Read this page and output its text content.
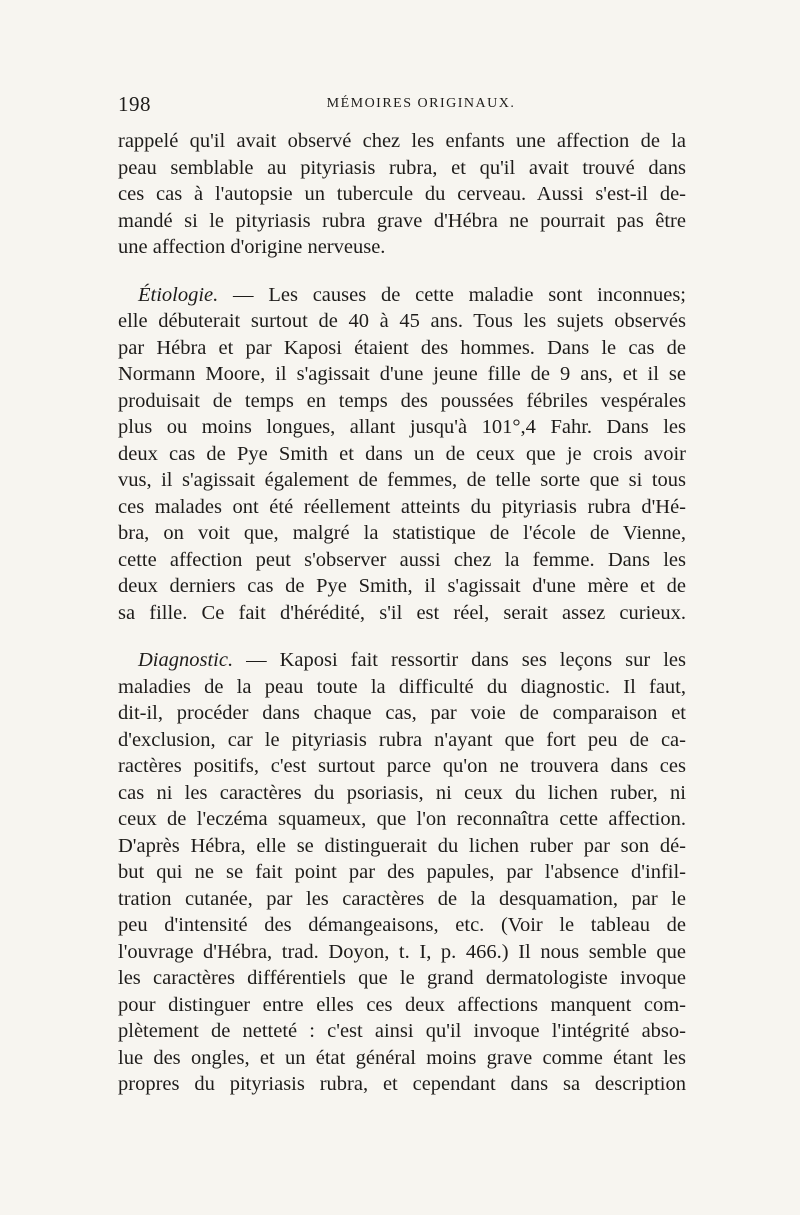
198	MÉMOIRES ORIGINAUX.
rappelé qu'il avait observé chez les enfants une affection de la
peau semblable au pityriasis rubra, et qu'il avait trouvé dans
ces cas à l'autopsie un tubercule du cerveau. Aussi s'est-il de-
mandé si le pityriasis rubra grave d'Hébra ne pourrait pas être
une affection d'origine nerveuse.
Étiologie. — Les causes de cette maladie sont inconnues;
elle débuterait surtout de 40 à 45 ans. Tous les sujets observés
par Hébra et par Kaposi étaient des hommes. Dans le cas de
Normann Moore, il s'agissait d'une jeune fille de 9 ans, et il se
produisait de temps en temps des poussées fébriles vespérales
plus ou moins longues, allant jusqu'à 101°,4 Fahr. Dans les
deux cas de Pye Smith et dans un de ceux que je crois avoir
vus, il s'agissait également de femmes, de telle sorte que si tous
ces malades ont été réellement atteints du pityriasis rubra d'Hé-
bra, on voit que, malgré la statistique de l'école de Vienne,
cette affection peut s'observer aussi chez la femme. Dans les
deux derniers cas de Pye Smith, il s'agissait d'une mère et de
sa fille. Ce fait d'hérédité, s'il est réel, serait assez curieux.
Diagnostic. — Kaposi fait ressortir dans ses leçons sur les
maladies de la peau toute la difficulté du diagnostic. Il faut,
dit-il, procéder dans chaque cas, par voie de comparaison et
d'exclusion, car le pityriasis rubra n'ayant que fort peu de ca-
ractères positifs, c'est surtout parce qu'on ne trouvera dans ces
cas ni les caractères du psoriasis, ni ceux du lichen ruber, ni
ceux de l'eczéma squameux, que l'on reconnaîtra cette affection.
D'après Hébra, elle se distinguerait du lichen ruber par son dé-
but qui ne se fait point par des papules, par l'absence d'infil-
tration cutanée, par les caractères de la desquamation, par le
peu d'intensité des démangeaisons, etc. (Voir le tableau de
l'ouvrage d'Hébra, trad. Doyon, t. I, p. 466.) Il nous semble que
les caractères différentiels que le grand dermatologiste invoque
pour distinguer entre elles ces deux affections manquent com-
plètement de netteté : c'est ainsi qu'il invoque l'intégrité abso-
lue des ongles, et un état général moins grave comme étant les
propres du pityriasis rubra, et cependant dans sa description
